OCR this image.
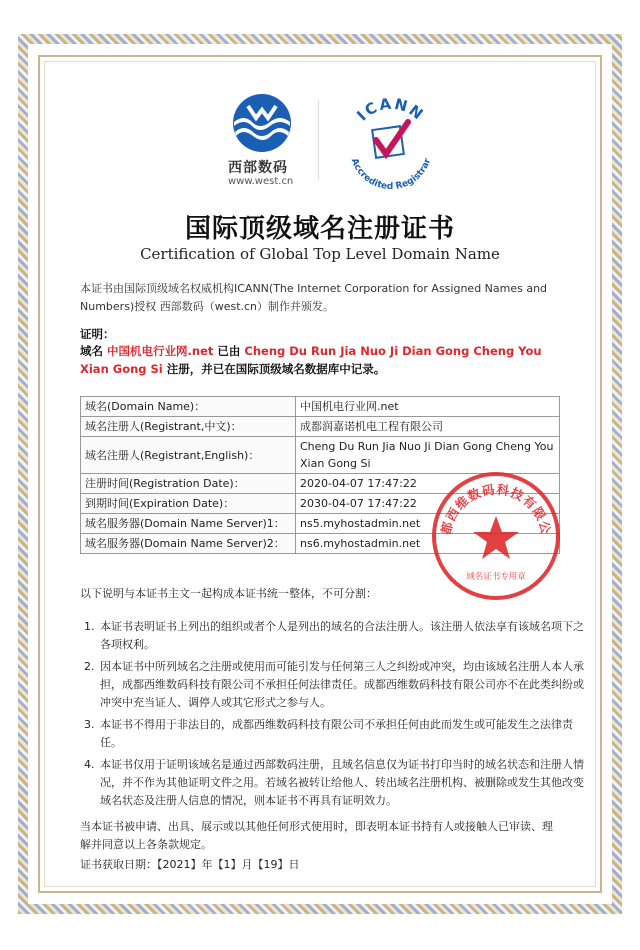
西部数码
www.west.cn
ICANN
Accredited Registrar
国际顶级域名注册证书
Certification of Global Top Level Domain Name
本证书由国际顶级域名权威机构ICANN(The Internet Corporation for Assigned Names and Numbers)授权 西部数码（west.cn）制作并颁发。
证明：
域名 中国机电行业网.net 已由 Cheng Du Run Jia Nuo Ji Dian Gong Cheng You Xian Gong Si 注册，并已在国际顶级域名数据库中记录。
域名(Domain Name)：	中国机电行业网.net
域名注册人(Registrant,中文)：	成都润嘉诺机电工程有限公司
域名注册人(Registrant,English)：	Cheng Du Run Jia Nuo Ji Dian Gong Cheng You Xian Gong Si
注册时间(Registration Date)：	2020-04-07 17:47:22
到期时间(Expiration Date)：	2030-04-07 17:47:22
域名服务器(Domain Name Server)1：	ns5.myhostadmin.net
域名服务器(Domain Name Server)2：	ns6.myhostadmin.net
都西维数码科技有限公
域名证书专用章
以下说明与本证书主文一起构成本证书统一整体，不可分割：
1. 本证书表明证书上列出的组织或者个人是列出的域名的合法注册人。该注册人依法享有该域名项下之各项权利。
2. 因本证书中所列域名之注册或使用而可能引发与任何第三人之纠纷或冲突，均由该域名注册人本人承担，成都西维数码科技有限公司不承担任何法律责任。成都西维数码科技有限公司亦不在此类纠纷或冲突中充当证人、调停人或其它形式之参与人。
3. 本证书不得用于非法目的，成都西维数码科技有限公司不承担任何由此而发生或可能发生之法律责任。
4. 本证书仅用于证明该域名是通过西部数码注册，且域名信息仅为证书打印当时的域名状态和注册人情况，并不作为其他证明文件之用。若域名被转让给他人、转出域名注册机构、被删除或发生其他改变域名状态及注册人信息的情况，则本证书不再具有证明效力。
当本证书被申请、出具、展示或以其他任何形式使用时，即表明本证书持有人或接触人已审读、理解并同意以上各条款规定。
证书获取日期：【2021】年【1】月【19】日
